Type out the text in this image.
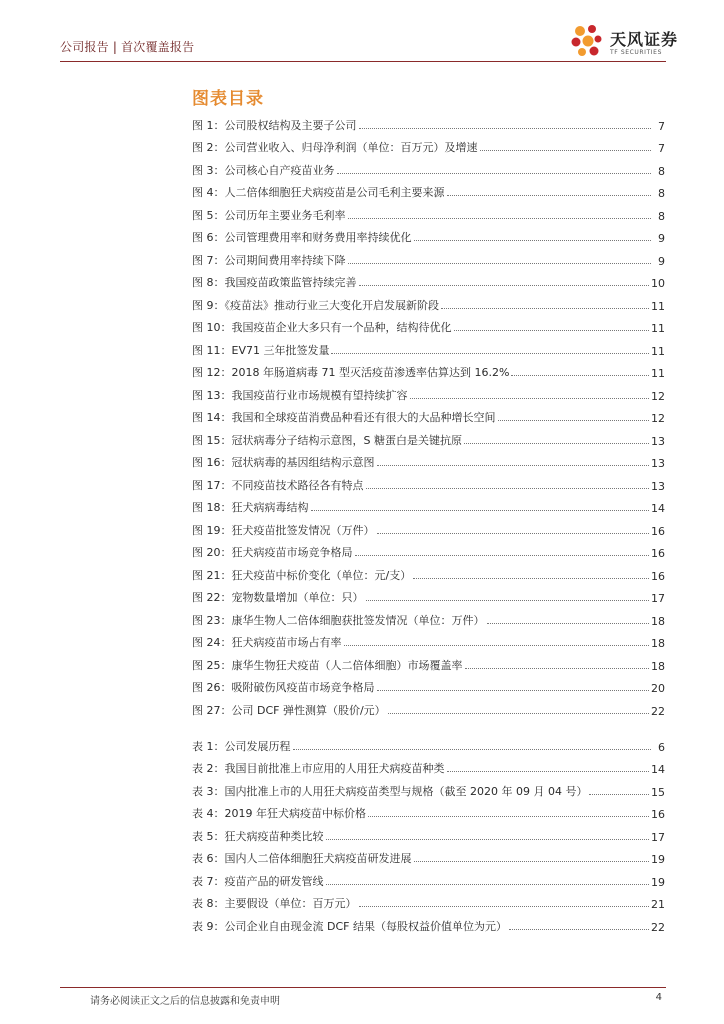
公司报告 | 首次覆盖报告	天风证券
TF SECURITIES
图表目录
图 1：公司股权结构及主要子公司	7
图 2：公司营业收入、归母净利润（单位：百万元）及增速	7
图 3：公司核心自产疫苗业务	8
图 4：人二倍体细胞狂犬病疫苗是公司毛利主要来源	8
图 5：公司历年主要业务毛利率	8
图 6：公司管理费用率和财务费用率持续优化	9
图 7：公司期间费用率持续下降	9
图 8：我国疫苗政策监管持续完善	10
图 9：《疫苗法》推动行业三大变化开启发展新阶段	11
图 10：我国疫苗企业大多只有一个品种，结构待优化	11
图 11：EV71 三年批签发量	11
图 12：2018 年肠道病毒 71 型灭活疫苗渗透率估算达到 16.2%	11
图 13：我国疫苗行业市场规模有望持续扩容	12
图 14：我国和全球疫苗消费品种看还有很大的大品种增长空间	12
图 15：冠状病毒分子结构示意图，S 糖蛋白是关键抗原	13
图 16：冠状病毒的基因组结构示意图	13
图 17：不同疫苗技术路径各有特点	13
图 18：狂犬病病毒结构	14
图 19：狂犬疫苗批签发情况（万件）	16
图 20：狂犬病疫苗市场竞争格局	16
图 21：狂犬疫苗中标价变化（单位：元/支）	16
图 22：宠物数量增加（单位：只）	17
图 23：康华生物人二倍体细胞获批签发情况（单位：万件）	18
图 24：狂犬病疫苗市场占有率	18
图 25：康华生物狂犬疫苗（人二倍体细胞）市场覆盖率	18
图 26：吸附破伤风疫苗市场竞争格局	20
图 27：公司 DCF 弹性测算（股价/元）	22
表 1：公司发展历程	6
表 2：我国目前批准上市应用的人用狂犬病疫苗种类	14
表 3：国内批准上市的人用狂犬病疫苗类型与规格（截至 2020 年 09 月 04 号）	15
表 4：2019 年狂犬病疫苗中标价格	16
表 5：狂犬病疫苗种类比较	17
表 6：国内人二倍体细胞狂犬病疫苗研发进展	19
表 7：疫苗产品的研发管线	19
表 8：主要假设（单位：百万元）	21
表 9：公司企业自由现金流 DCF 结果（每股权益价值单位为元）	22
请务必阅读正文之后的信息披露和免责申明	4
